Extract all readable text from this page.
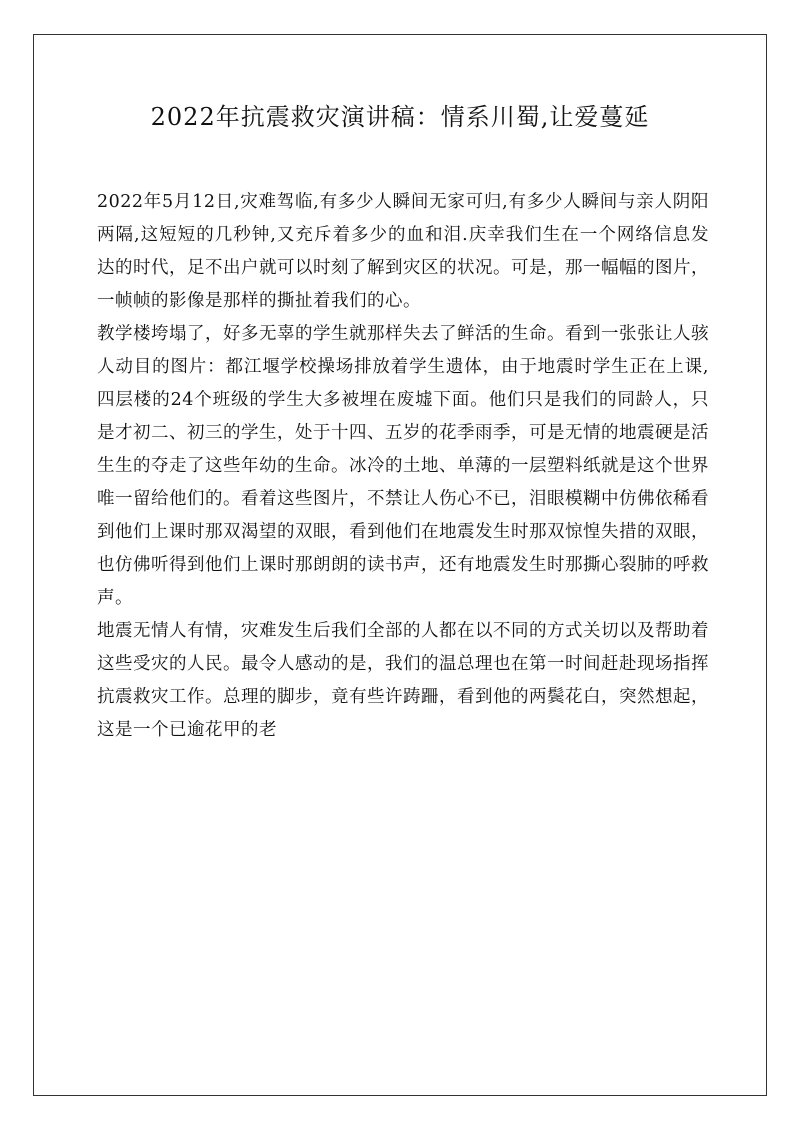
2022年抗震救灾演讲稿：情系川蜀,让爱蔓延

2022年5月12日,灾难驾临,有多少人瞬间无家可归,有多少人瞬间与亲人阴阳两隔,这短短的几秒钟,又充斥着多少的血和泪.庆幸我们生在一个网络信息发达的时代，足不出户就可以时刻了解到灾区的状况。可是，那一幅幅的图片，一帧帧的影像是那样的撕扯着我们的心。

教学楼垮塌了，好多无辜的学生就那样失去了鲜活的生命。看到一张张让人骇人动目的图片：都江堰学校操场排放着学生遗体，由于地震时学生正在上课,四层楼的24个班级的学生大多被埋在废墟下面。他们只是我们的同龄人，只是才初二、初三的学生，处于十四、五岁的花季雨季，可是无情的地震硬是活生生的夺走了这些年幼的生命。冰冷的土地、单薄的一层塑料纸就是这个世界唯一留给他们的。看着这些图片，不禁让人伤心不已，泪眼模糊中仿佛依稀看到他们上课时那双渴望的双眼，看到他们在地震发生时那双惊惶失措的双眼，也仿佛听得到他们上课时那朗朗的读书声，还有地震发生时那撕心裂肺的呼救声。

地震无情人有情，灾难发生后我们全部的人都在以不同的方式关切以及帮助着这些受灾的人民。最令人感动的是，我们的温总理也在第一时间赶赴现场指挥抗震救灾工作。总理的脚步，竟有些许踌跚，看到他的两鬓花白，突然想起，这是一个已逾花甲的老
